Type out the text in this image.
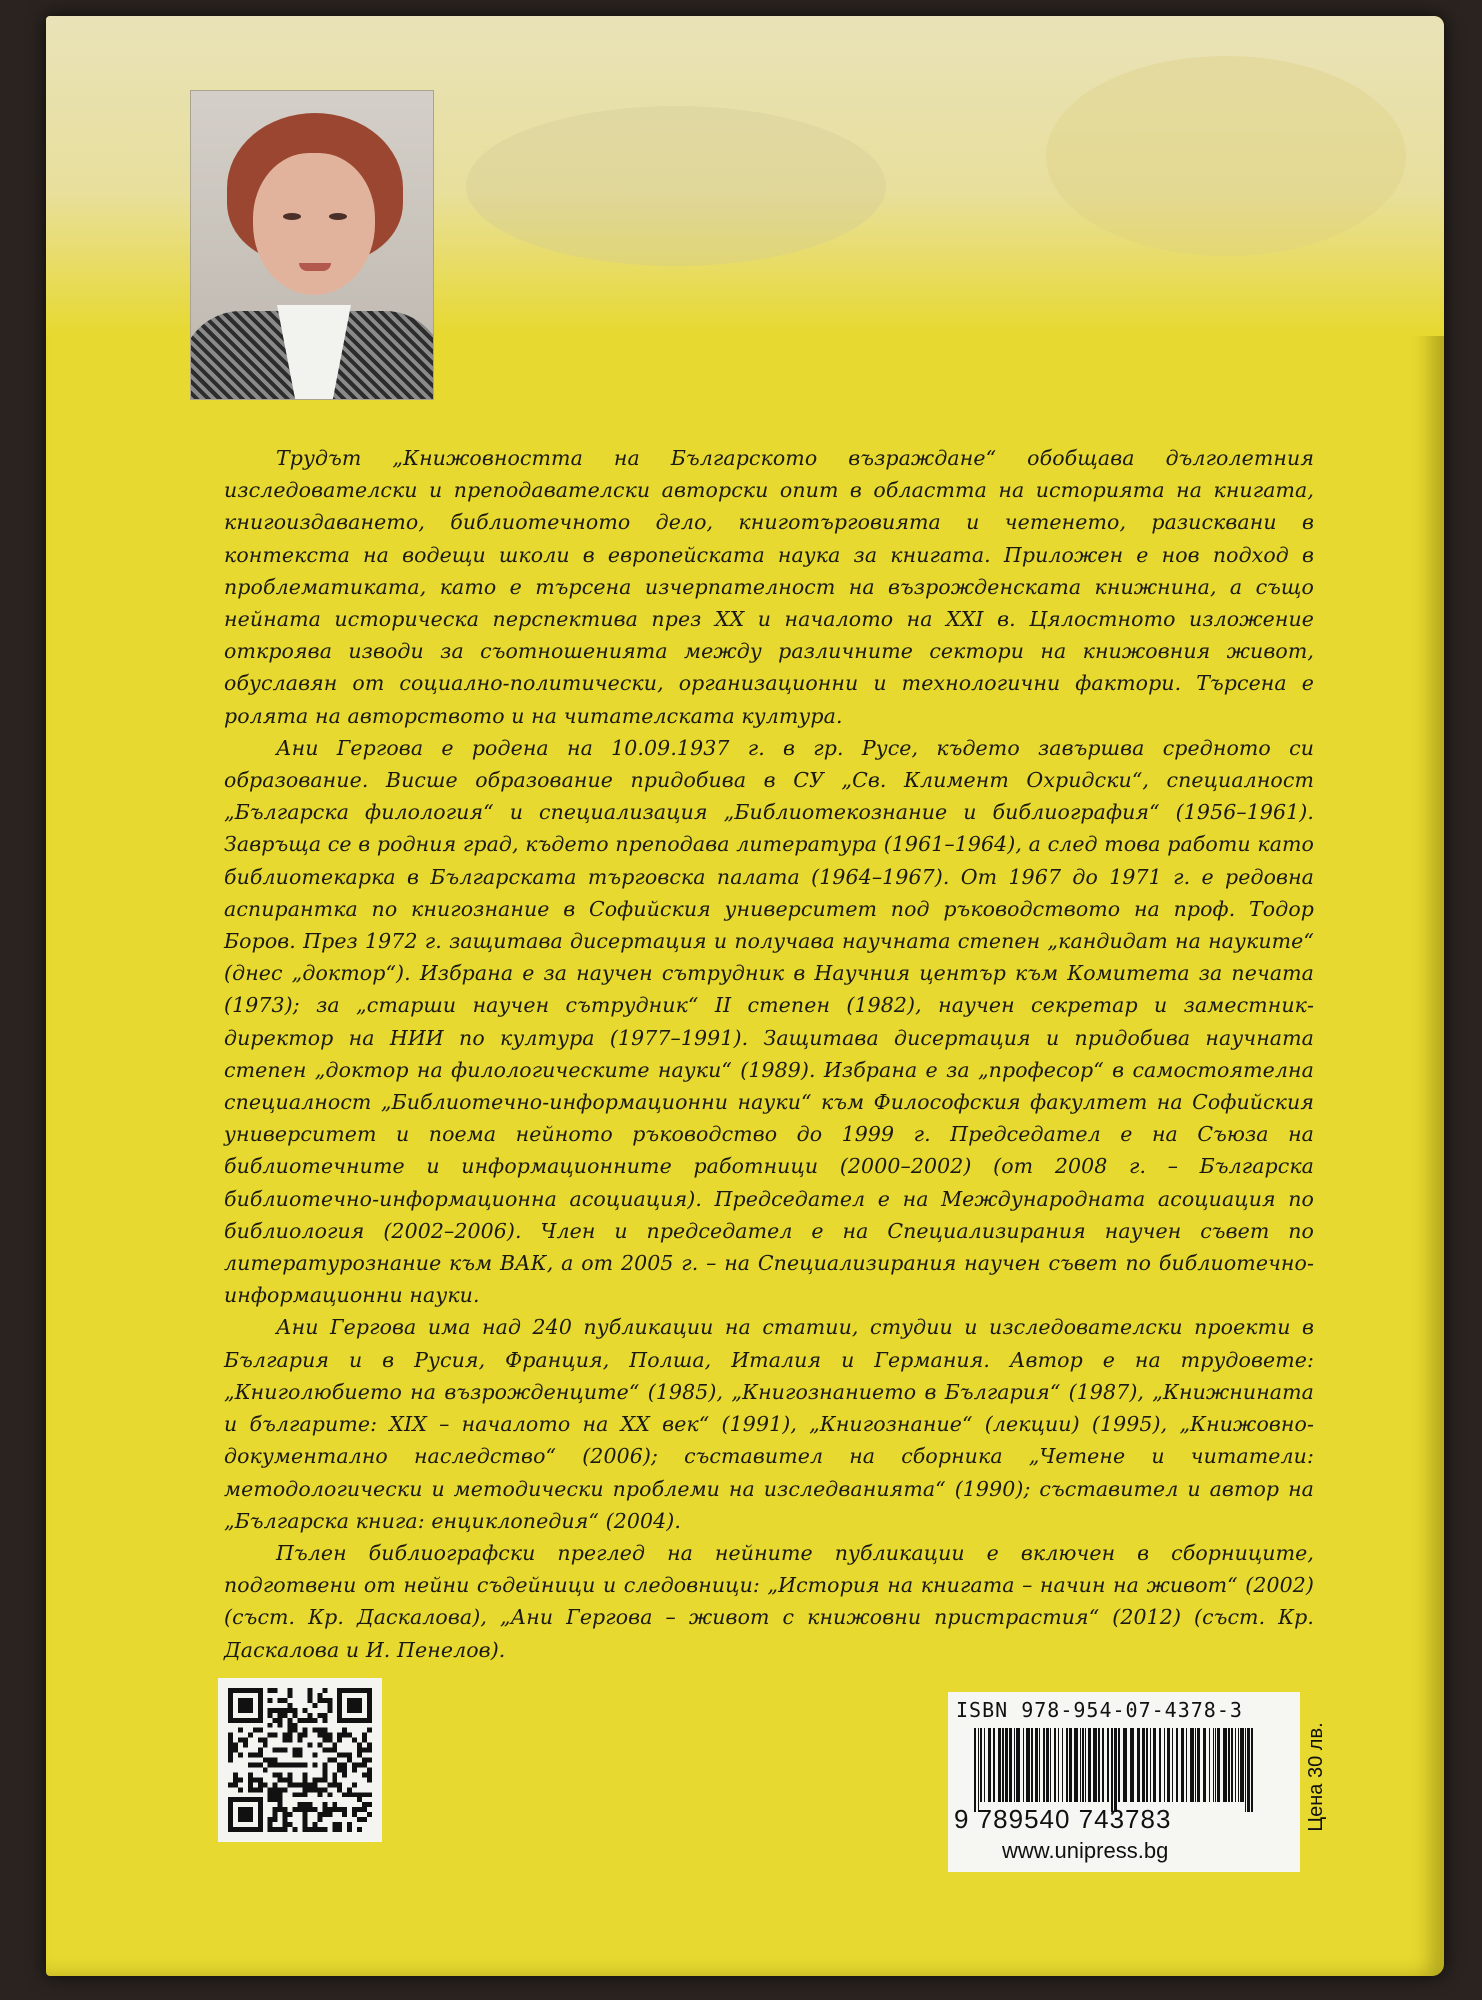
Трудът „Книжовността на Българското възраждане“ обобщава дълголетния изследователски и преподавателски авторски опит в областта на историята на книгата, книгоиздаването, библиотечното дело, книготърговията и четенето, разисквани в контекста на водещи школи в европейската наука за книгата. Приложен е нов подход в проблематиката, като е търсена изчерпателност на възрожденската книжнина, а също нейната историческа перспектива през XX и началото на XXI в. Цялостното изложение откроява изводи за съотношенията между различните сектори на книжовния живот, обуславян от социално-политически, организационни и технологични фактори. Търсена е ролята на авторството и на читателската култура.

Ани Гергова е родена на 10.09.1937 г. в гр. Русе, където завършва средното си образование. Висше образование придобива в СУ „Св. Климент Охридски“, специалност „Българска филология“ и специализация „Библиотекознание и библиография“ (1956–1961). Завръща се в родния град, където преподава литература (1961–1964), а след това работи като библиотекарка в Българската търговска палата (1964–1967). От 1967 до 1971 г. е редовна аспирантка по книгознание в Софийския университет под ръководството на проф. Тодор Боров. През 1972 г. защитава дисертация и получава научната степен „кандидат на науките“ (днес „доктор“). Избрана е за научен сътрудник в Научния център към Комитета за печата (1973); за „старши научен сътрудник“ II степен (1982), научен секретар и заместник-директор на НИИ по култура (1977–1991). Защитава дисертация и придобива научната степен „доктор на филологическите науки“ (1989). Избрана е за „професор“ в самостоятелна специалност „Библиотечно-информационни науки“ към Философския факултет на Софийския университет и поема нейното ръководство до 1999 г. Председател е на Съюза на библиотечните и информационните работници (2000–2002) (от 2008 г. – Българска библиотечно-информационна асоциация). Председател е на Международната асоциация по библиология (2002–2006). Член и председател е на Специализирания научен съвет по литературознание към ВАК, а от 2005 г. – на Специализирания научен съвет по библиотечно-информационни науки.

Ани Гергова има над 240 публикации на статии, студии и изследователски проекти в България и в Русия, Франция, Полша, Италия и Германия. Автор е на трудовете: „Книголюбието на възрожденците“ (1985), „Книгознанието в България“ (1987), „Книжнината и българите: XIX – началото на XX век“ (1991), „Книгознание“ (лекции) (1995), „Книжовно-документално наследство“ (2006); съставител на сборника „Четене и читатели: методологически и методически проблеми на изследванията“ (1990); съставител и автор на „Българска книга: енциклопедия“ (2004).

Пълен библиографски преглед на нейните публикации е включен в сборниците, подготвени от нейни съдейници и следовници: „История на книгата – начин на живот“ (2002) (съст. Кр. Даскалова), „Ани Гергова – живот с книжовни пристрастия“ (2012) (съст. Кр. Даскалова и И. Пенелов).

ISBN 978-954-07-4378-3
9 789540 743783
www.unipress.bg
Цена 30 лв.
